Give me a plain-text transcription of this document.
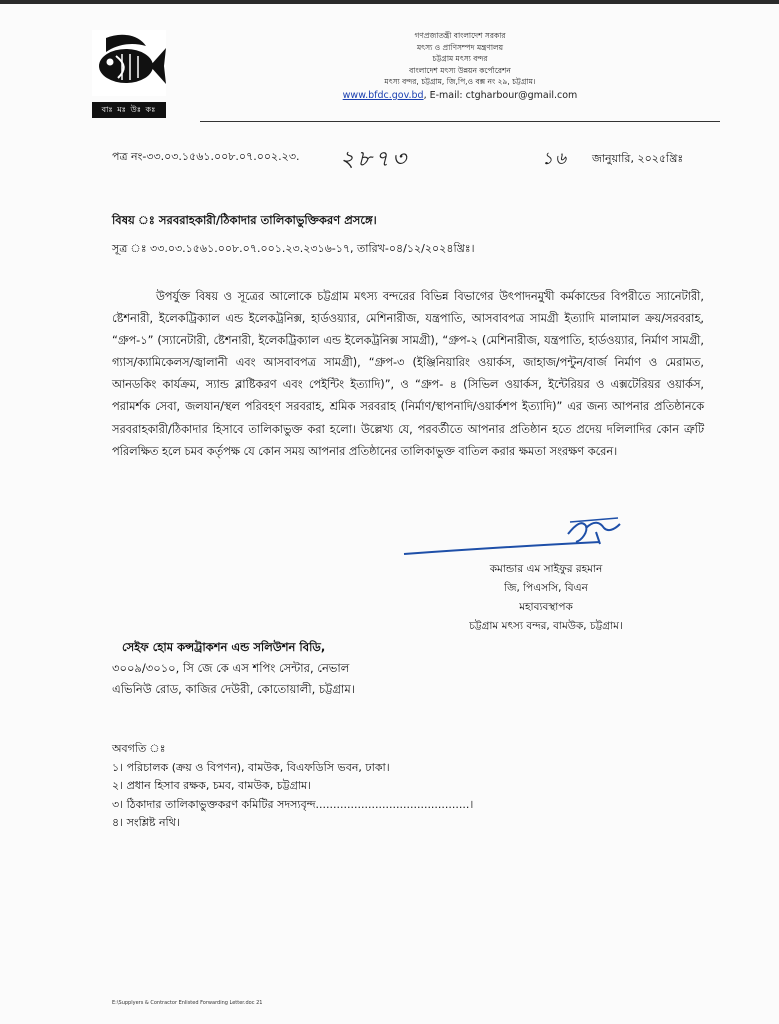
বাঃ মঃ উঃ কঃ
গণপ্রজাতন্ত্রী বাংলাদেশ সরকার
মৎস্য ও প্রাণিসম্পদ মন্ত্রণালয়
চট্টগ্রাম মৎস্য বন্দর
বাংলাদেশ মৎস্য উন্নয়ন কর্পোরেশন
মৎস্য বন্দর, চট্টগ্রাম, জি,পি,ও বক্স নং ২৯, চট্টগ্রাম।
www.bfdc.gov.bd, E-mail: ctgharbour@gmail.com
পত্র নং-৩৩.০৩.১৫৬১.০০৮.০৭.০০২.২৩. ২৮৭৩	১৬ জানুয়ারি, ২০২৫খ্রিঃ
বিষয় ঃ সরবরাহকারী/ঠিকাদার তালিকাভুক্তিকরণ প্রসঙ্গে।
সূত্র ঃ ৩৩.০৩.১৫৬১.০০৮.০৭.০০১.২৩.২৩১৬-১৭, তারিখ-০৪/১২/২০২৪খ্রিঃ।
উপর্যুক্ত বিষয় ও সূত্রের আলোকে চট্টগ্রাম মৎস্য বন্দরের বিভিন্ন বিভাগের উৎপাদনমুখী কর্মকান্ডের বিপরীতে স্যানেটারী, ষ্টেশনারী, ইলেকট্রিক্যাল এন্ড ইলেকট্রনিক্স, হার্ডওয়্যার, মেশিনারীজ, যন্ত্রপাতি, আসবাবপত্র সামগ্রী ইত্যাদি মালামাল ক্রয়/সরবরাহ, “গ্রুপ-১” (স্যানেটারী, ষ্টেশনারী, ইলেকট্রিক্যাল এন্ড ইলেকট্রনিক্স সামগ্রী), “গ্রুপ-২ (মেশিনারীজ, যন্ত্রপাতি, হার্ডওয়্যার, নির্মাণ সামগ্রী, গ্যাস/ক্যামিকেলস/জ্বালানী এবং আসবাবপত্র সামগ্রী), “গ্রুপ-৩ (ইঞ্জিনিয়ারিং ওয়ার্কস, জাহাজ/পন্টুন/বার্জ নির্মাণ ও মেরামত, আনডকিং কার্যক্রম, স্যান্ড ব্লাষ্টিকরণ এবং পেইন্টিং ইত্যাদি)”, ও “গ্রুপ- ৪ (সিভিল ওয়ার্কস, ইন্টেরিয়র ও এক্সটেরিয়র ওয়ার্কস, পরামর্শক সেবা, জলযান/স্থল পরিবহণ সরবরাহ, শ্রমিক সরবরাহ (নির্মাণ/স্থাপনাদি/ওয়ার্কশপ ইত্যাদি)” এর জন্য আপনার প্রতিষ্ঠানকে সরবরাহকারী/ঠিকাদার হিসাবে তালিকাভুক্ত করা হলো। উল্লেখ্য যে, পরবর্তীতে আপনার প্রতিষ্ঠান হতে প্রদেয় দলিলাদির কোন ত্রুটি পরিলক্ষিত হলে চমব কর্তৃপক্ষ যে কোন সময় আপনার প্রতিষ্ঠানের তালিকাভুক্ত বাতিল করার ক্ষমতা সংরক্ষণ করেন।
কমান্ডার এম সাইফুর রহমান
জি, পিএসসি, বিএন
মহাব্যবস্থাপক
চট্টগ্রাম মৎস্য বন্দর, বামউক, চট্টগ্রাম।
সেইফ হোম কন্সট্রাকশন এন্ড সলিউশন বিডি,
৩০০৯/৩০১০, সি জে কে এস শপিং সেন্টার, নেভাল
এভিনিউ রোড, কাজির দেউরী, কোতোয়ালী, চট্টগ্রাম।
অবগতি ঃ
১। পরিচালক (ক্রয় ও বিপণন), বামউক, বিএফডিসি ভবন, ঢাকা।
২। প্রধান হিসাব রক্ষক, চমব, বামউক, চট্টগ্রাম।
৩। ঠিকাদার তালিকাভুক্তকরণ কমিটির সদস্যবৃন্দ............................................।
৪। সংশ্লিষ্ট নথি।
E:\Supplyers & Contractor Enlisted Forwarding Letter.doc 21
